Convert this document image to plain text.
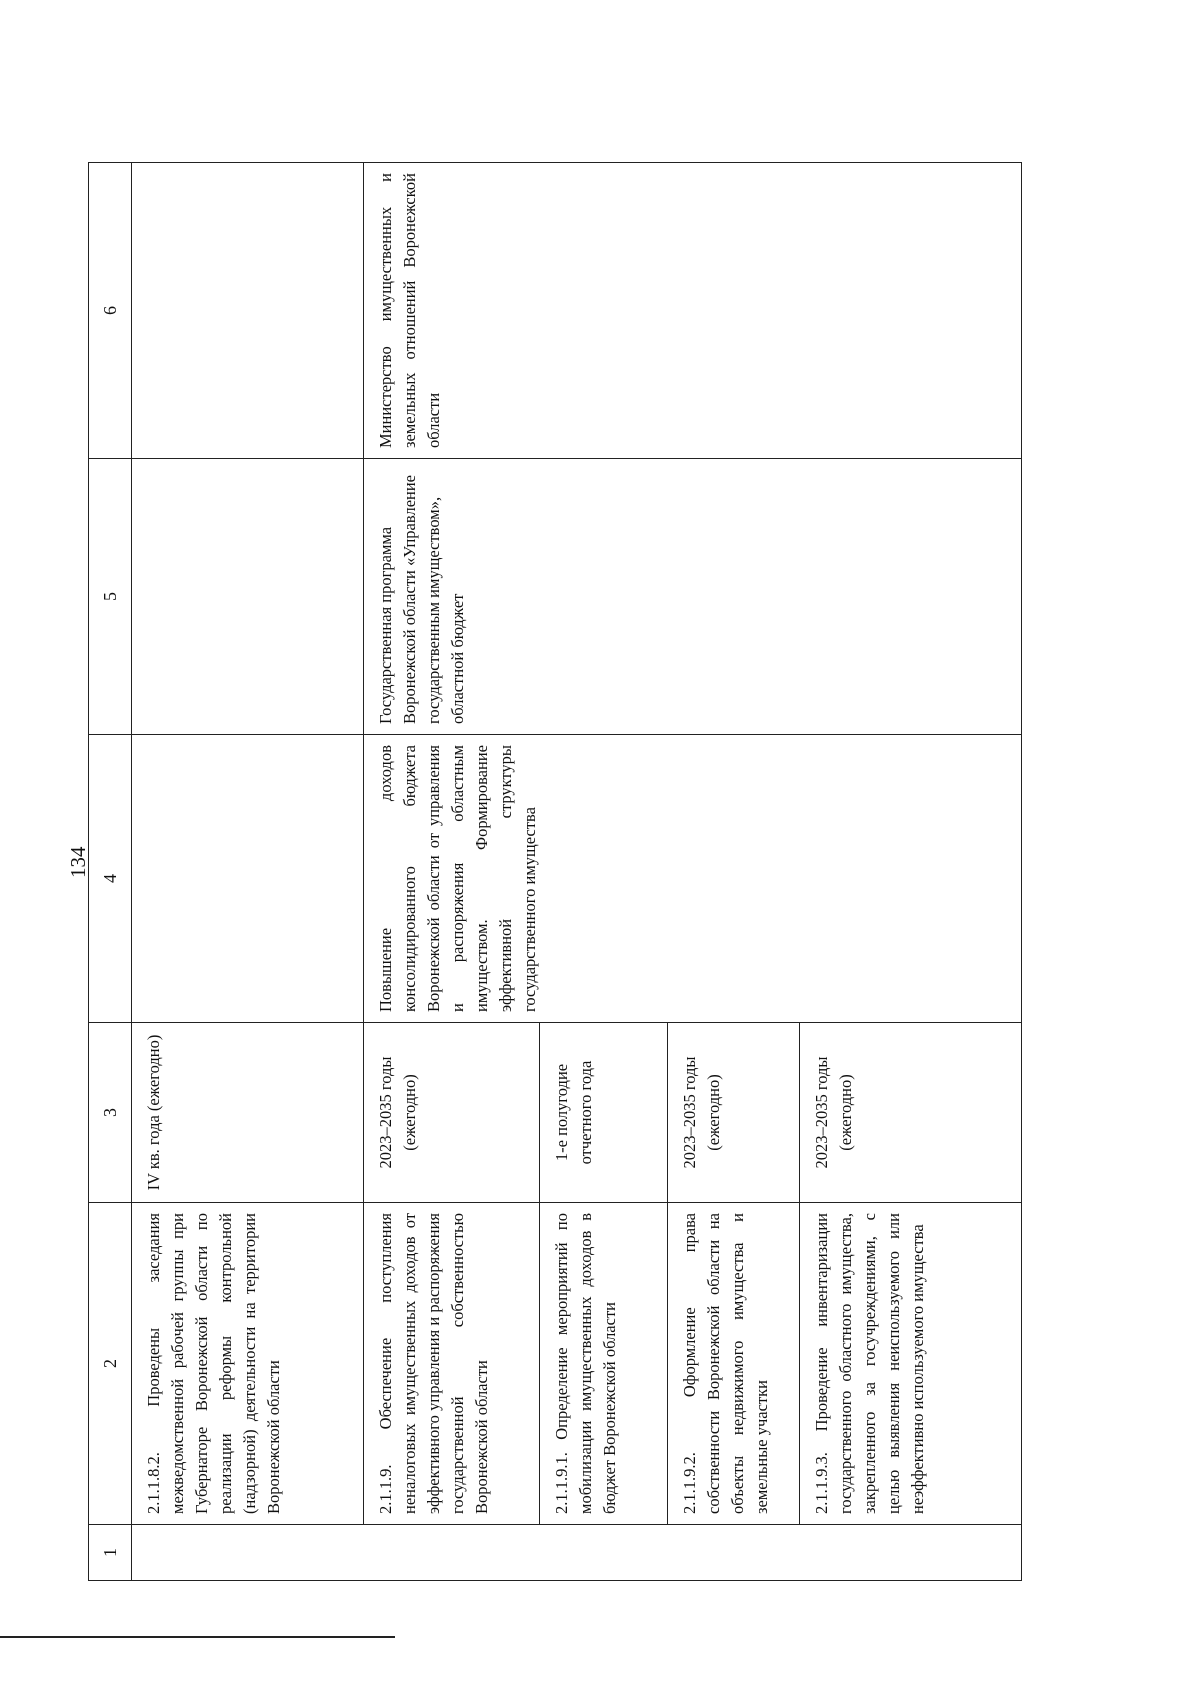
134
1	2	3	4	5	6

	2.1.1.8.2. Проведены заседания межведомственной рабочей группы при Губернаторе Воронежской области по реализации реформы контрольной (надзорной) деятельности на территории Воронежской области	IV кв. года (ежегодно)			

	2.1.1.9. Обеспечение поступления неналоговых имущественных доходов от эффективного управления и распоряжения государственной собственностью Воронежской области	2023–2035 годы (ежегодно)	Повышение доходов консолидированного бюджета Воронежской области от управления и распоряжения областным имуществом. Формирование эффективной структуры государственного имущества	Государственная программа Воронежской области «Управление государственным имуществом», областной бюджет	Министерство имущественных и земельных отношений Воронежской области

	2.1.1.9.1. Определение мероприятий по мобилизации имущественных доходов в бюджет Воронежской области	1-е полугодие отчетного года			

	2.1.1.9.2. Оформление права собственности Воронежской области на объекты недвижимого имущества и земельные участки	2023–2035 годы (ежегодно)			

	2.1.1.9.3. Проведение инвентаризации государственного областного имущества, закрепленного за госучреждениями, с целью выявления неиспользуемого или неэффективно используемого имущества	2023–2035 годы (ежегодно)			
